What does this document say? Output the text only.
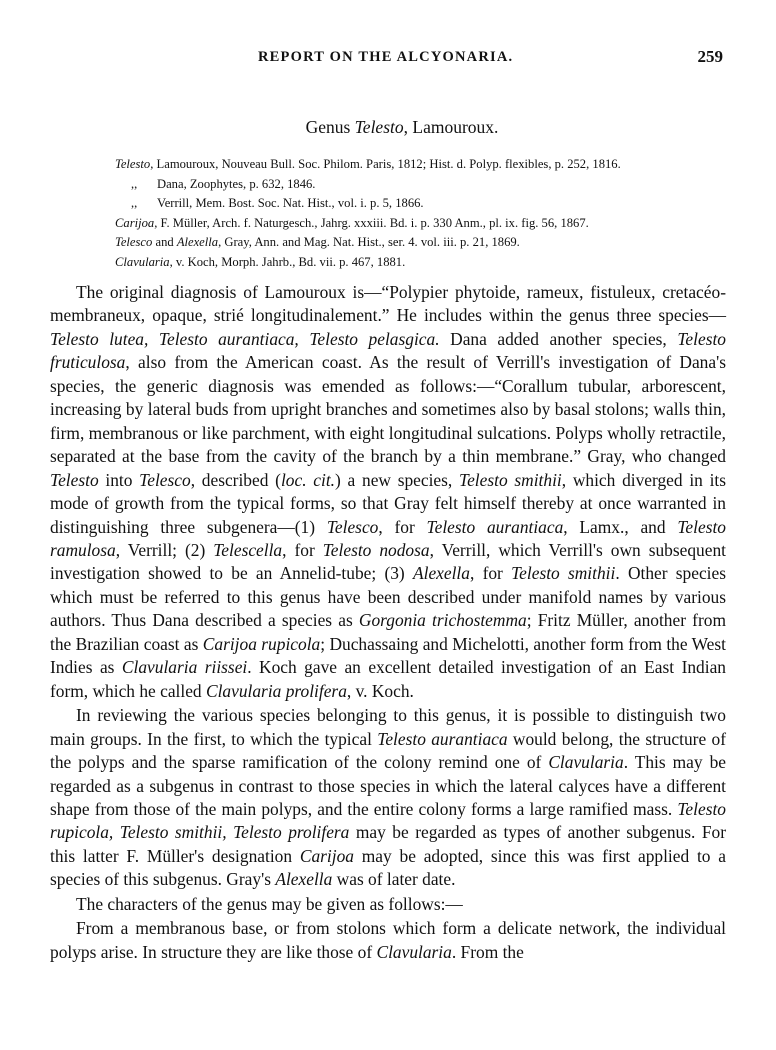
REPORT ON THE ALCYONARIA.	259
Genus Telesto, Lamouroux.
Telesto, Lamouroux, Nouveau Bull. Soc. Philom. Paris, 1812; Hist. d. Polyp. flexibles, p. 252, 1816.
,, Dana, Zoophytes, p. 632, 1846.
,, Verrill, Mem. Bost. Soc. Nat. Hist., vol. i. p. 5, 1866.
Carijoa, F. Müller, Arch. f. Naturgesch., Jahrg. xxxiii. Bd. i. p. 330 Anm., pl. ix. fig. 56, 1867.
Telesco and Alexella, Gray, Ann. and Mag. Nat. Hist., ser. 4. vol. iii. p. 21, 1869.
Clavularia, v. Koch, Morph. Jahrb., Bd. vii. p. 467, 1881.

The original diagnosis of Lamouroux is—“Polypier phytoide, rameux, fistuleux, cretacéo-membraneux, opaque, strié longitudinalement.” He includes within the genus three species—Telesto lutea, Telesto aurantiaca, Telesto pelasgica. Dana added another species, Telesto fruticulosa, also from the American coast. As the result of Verrill's investigation of Dana's species, the generic diagnosis was emended as follows:—“Corallum tubular, arborescent, increasing by lateral buds from upright branches and sometimes also by basal stolons; walls thin, firm, membranous or like parchment, with eight longitudinal sulcations. Polyps wholly retractile, separated at the base from the cavity of the branch by a thin membrane.” Gray, who changed Telesto into Telesco, described (loc. cit.) a new species, Telesto smithii, which diverged in its mode of growth from the typical forms, so that Gray felt himself thereby at once warranted in distinguishing three subgenera—(1) Telesco, for Telesto aurantiaca, Lamx., and Telesto ramulosa, Verrill; (2) Telescella, for Telesto nodosa, Verrill, which Verrill's own subsequent investigation showed to be an Annelid-tube; (3) Alexella, for Telesto smithii. Other species which must be referred to this genus have been described under manifold names by various authors. Thus Dana described a species as Gorgonia trichostemma; Fritz Müller, another from the Brazilian coast as Carijoa rupicola; Duchassaing and Michelotti, another form from the West Indies as Clavularia riissei. Koch gave an excellent detailed investigation of an East Indian form, which he called Clavularia prolifera, v. Koch.

In reviewing the various species belonging to this genus, it is possible to distinguish two main groups. In the first, to which the typical Telesto aurantiaca would belong, the structure of the polyps and the sparse ramification of the colony remind one of Clavularia. This may be regarded as a subgenus in contrast to those species in which the lateral calyces have a different shape from those of the main polyps, and the entire colony forms a large ramified mass. Telesto rupicola, Telesto smithii, Telesto prolifera may be regarded as types of another subgenus. For this latter F. Müller's designation Carijoa may be adopted, since this was first applied to a species of this subgenus. Gray's Alexella was of later date.

The characters of the genus may be given as follows:—

From a membranous base, or from stolons which form a delicate network, the individual polyps arise. In structure they are like those of Clavularia. From the
